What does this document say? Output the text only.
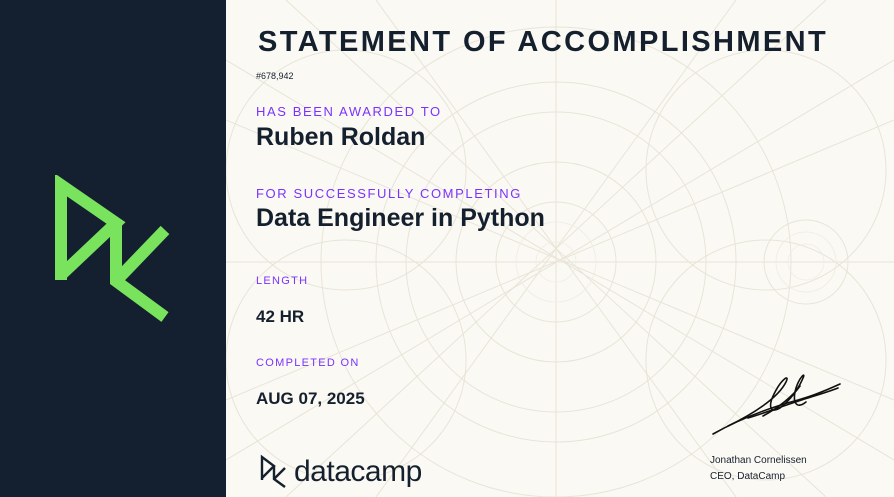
STATEMENT OF ACCOMPLISHMENT
#678,942
HAS BEEN AWARDED TO
Ruben Roldan
FOR SUCCESSFULLY COMPLETING
Data Engineer in Python
LENGTH
42 HR
COMPLETED ON
AUG 07, 2025
datacamp	Jonathan Cornelissen
CEO, DataCamp
